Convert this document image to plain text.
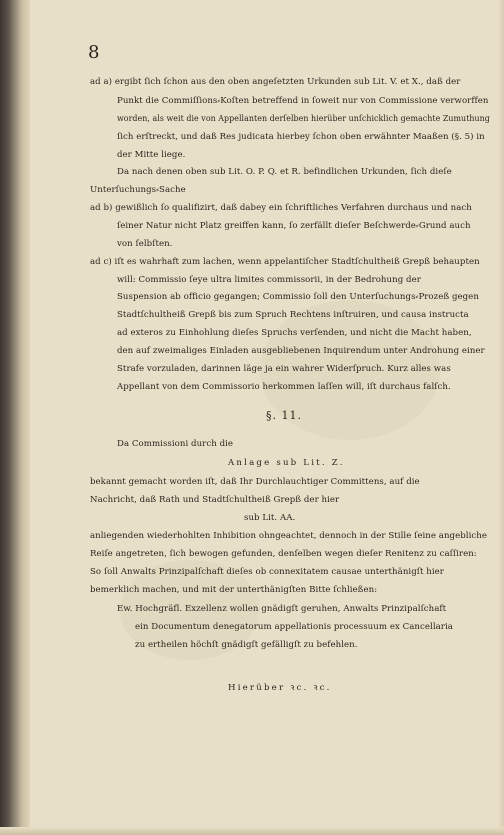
8
ad a) ergibt ſich ſchon aus den oben angeſetzten Urkunden sub Lit. V. et X., daß der
Punkt die Commiſſions⸗Koſten betreffend in ſoweit nur von Commissione verworffen
worden, als weit die von Appellanten derſelben hierüber unſchicklich gemachte Zumuthung
ſich erſtreckt, und daß Res judicata hierbey ſchon oben erwähnter Maaßen (§. 5) in
der Mitte liege.
Da nach denen oben sub Lit. O. P. Q. et R. befindlichen Urkunden, ſich dieſe
Unterſuchungs⸗Sache
ad b) gewißlich ſo qualifizirt, daß dabey ein ſchriftliches Verfahren durchaus und nach
ſeiner Natur nicht Platz greiffen kann, ſo zerfällt dieſer Beſchwerde⸗Grund auch
von ſelbſten.
ad c) iſt es wahrhaft zum lachen, wenn appelantiſcher Stadtſchultheiß Grepß behaupten
will: Commissio ſeye ultra limites commissorii, in der Bedrohung der
Suspension ab officio gegangen; Commissio ſoll den Unterſuchungs⸗Prozeß gegen
Stadtſchultheiß Grepß bis zum Spruch Rechtens inſtruiren, und causa instructa
ad exteros zu Einhohlung dieſes Spruchs verſenden, und nicht die Macht haben,
den auf zweimaliges Einladen ausgebliebenen Inquirendum unter Androhung einer
Strafe vorzuladen, darinnen läge ja ein wahrer Widerſpruch. Kurz alles was
Appellant von dem Commissorio herkommen laſſen will, iſt durchaus falſch.
§. 11.
Da Commissioni durch die
Anlage sub Lit. Z.
bekannt gemacht worden iſt, daß Ihr Durchlauchtiger Committens, auf die
Nachricht, daß Rath und Stadtſchultheiß Grepß der hier
sub Lit. AA.
anliegenden wiederhohlten Inhibition ohngeachtet, dennoch in der Stille ſeine angebliche
Reiſe angetreten, ſich bewogen gefunden, denſelben wegen dieſer Renitenz zu caſſiren:
So ſoll Anwalts Prinzipalſchaft dieſes ob connexitatem causae unterthänigſt hier
bemerklich machen, und mit der unterthänigſten Bitte ſchließen:
Ew. Hochgräfl. Exzellenz wollen gnädigſt geruhen, Anwalts Prinzipalſchaft
ein Documentum denegatorum appellationis processuum ex Cancellaria
zu ertheilen höchſt gnädigſt gefälligſt zu befehlen.
Hierüber ꝛc. ꝛc.
